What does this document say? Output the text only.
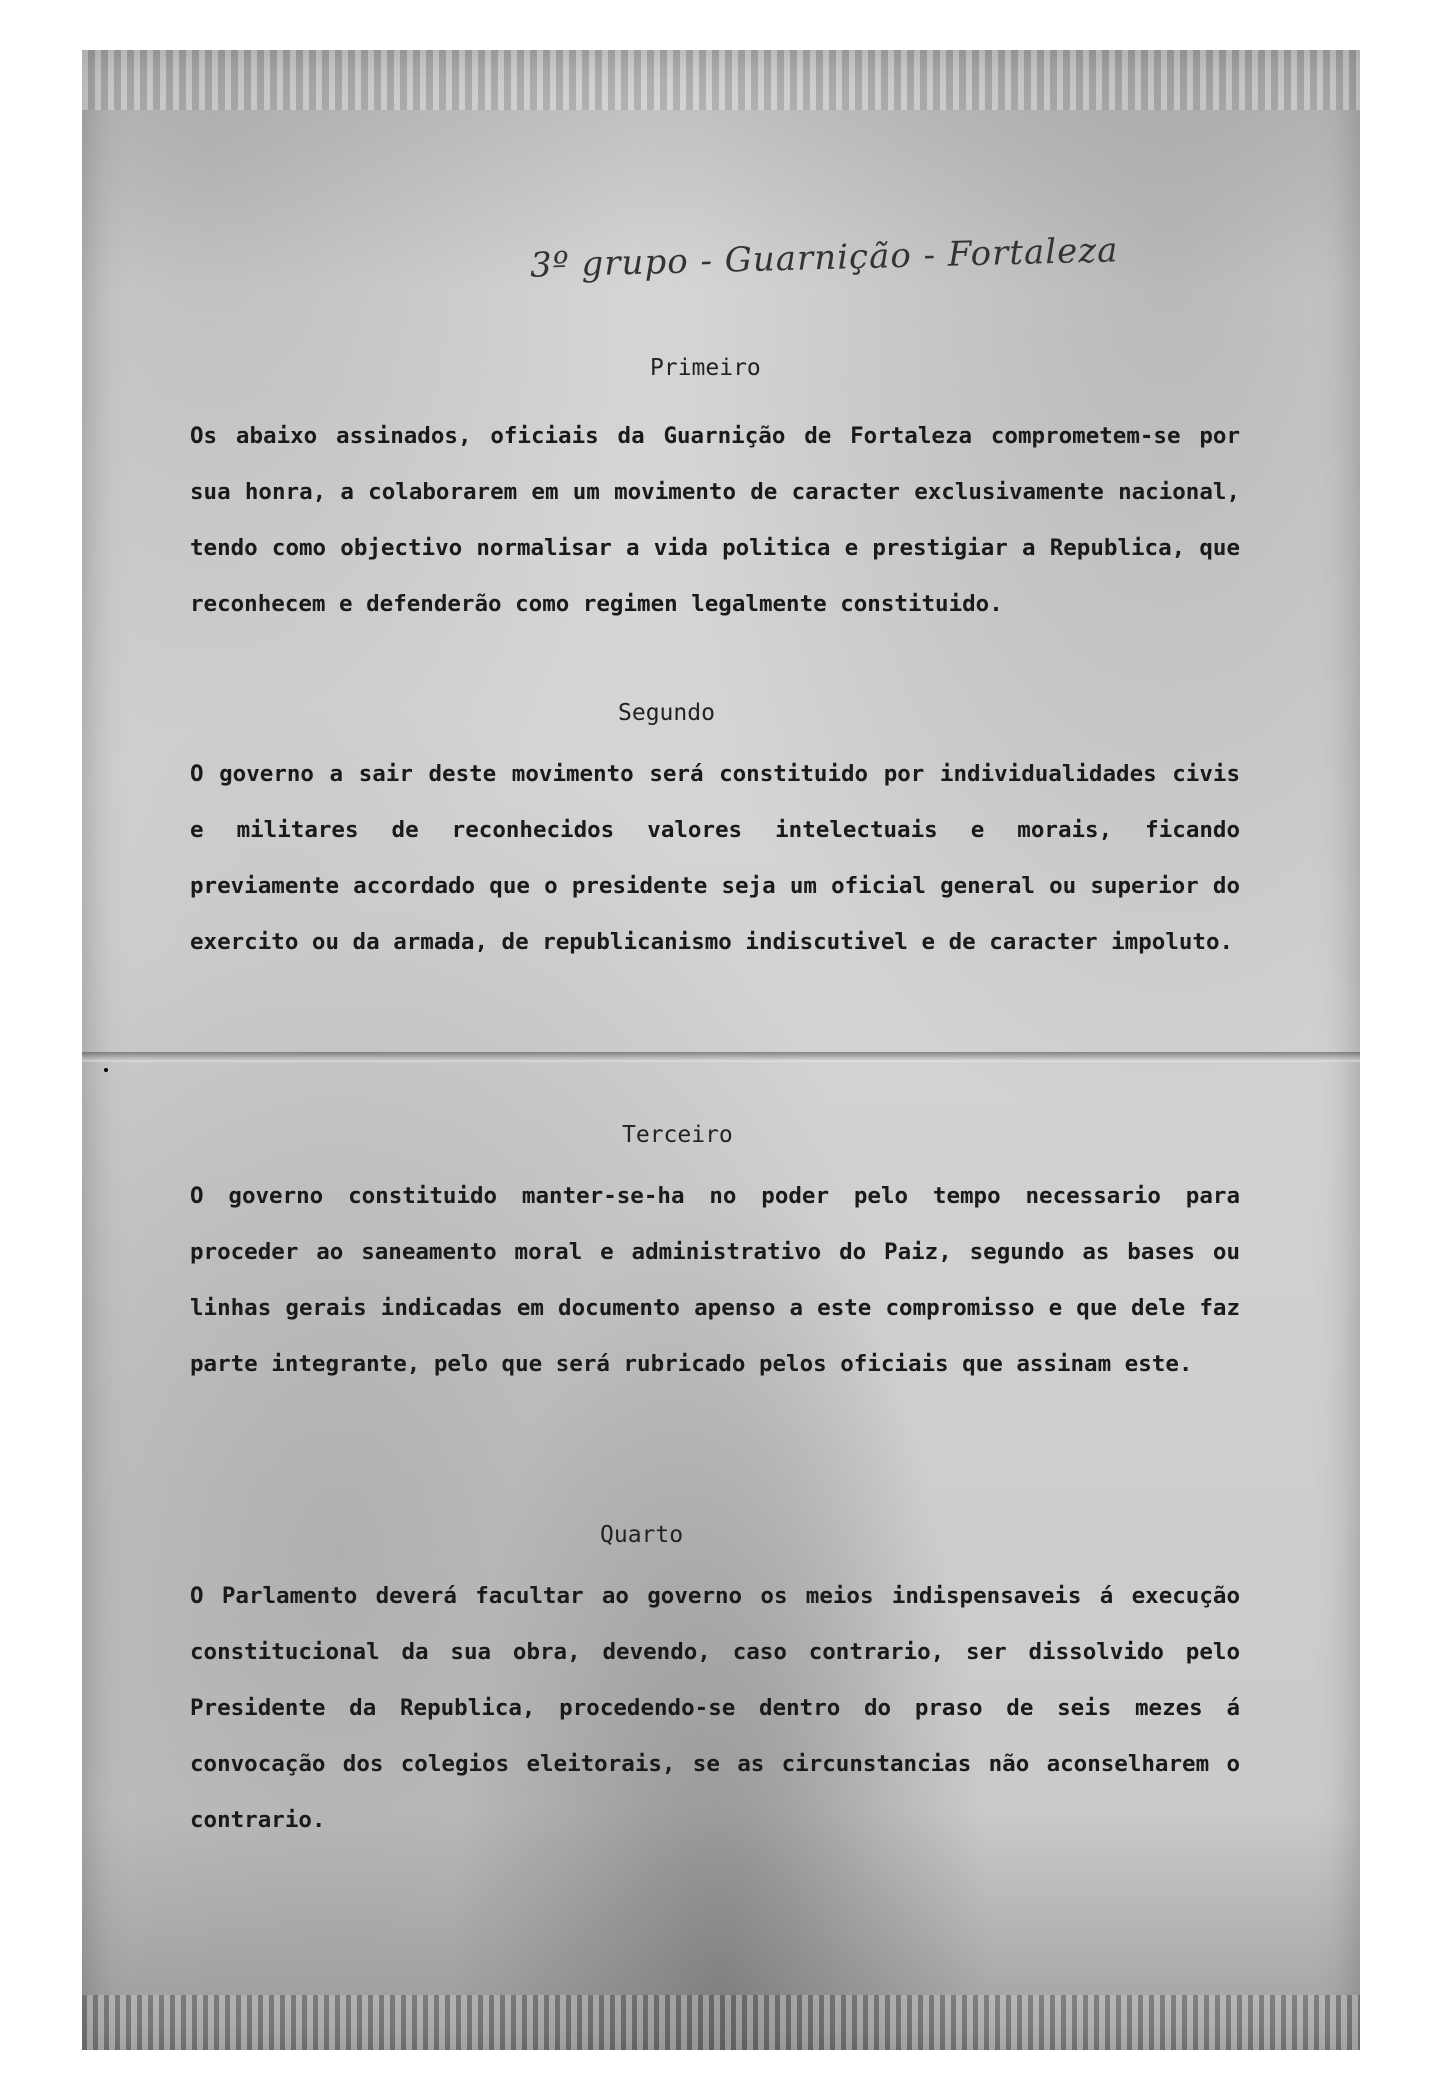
3º grupo - Guarnição - Fortaleza
Primeiro
Os abaixo assinados, oficiais da Guarnição de Fortaleza comprometem-se por sua honra, a colaborarem em um movimento de caracter exclusivamente nacional, tendo como objectivo normalisar a vida politica e prestigiar a Republica, que reconhecem e defenderão como regimen legalmente constituido.
Segundo
O governo a sair deste movimento será constituido por individualidades civis e militares de reconhecidos valores intelectuais e morais, ficando previamente accordado que o presidente seja um oficial general ou superior do exercito ou da armada, de republicanismo indiscutivel e de caracter impoluto.
Terceiro
O governo constituido manter-se-ha no poder pelo tempo necessario para proceder ao saneamento moral e administrativo do Paiz, segundo as bases ou linhas gerais indicadas em documento apenso a este compromisso e que dele faz parte integrante, pelo que será rubricado pelos oficiais que assinam este.
Quarto
O Parlamento deverá facultar ao governo os meios indispensaveis á execução constitucional da sua obra, devendo, caso contrario, ser dissolvido pelo Presidente da Republica, procedendo-se dentro do praso de seis mezes á convocação dos colegios eleitorais, se as circunstancias não aconselharem o contrario.
